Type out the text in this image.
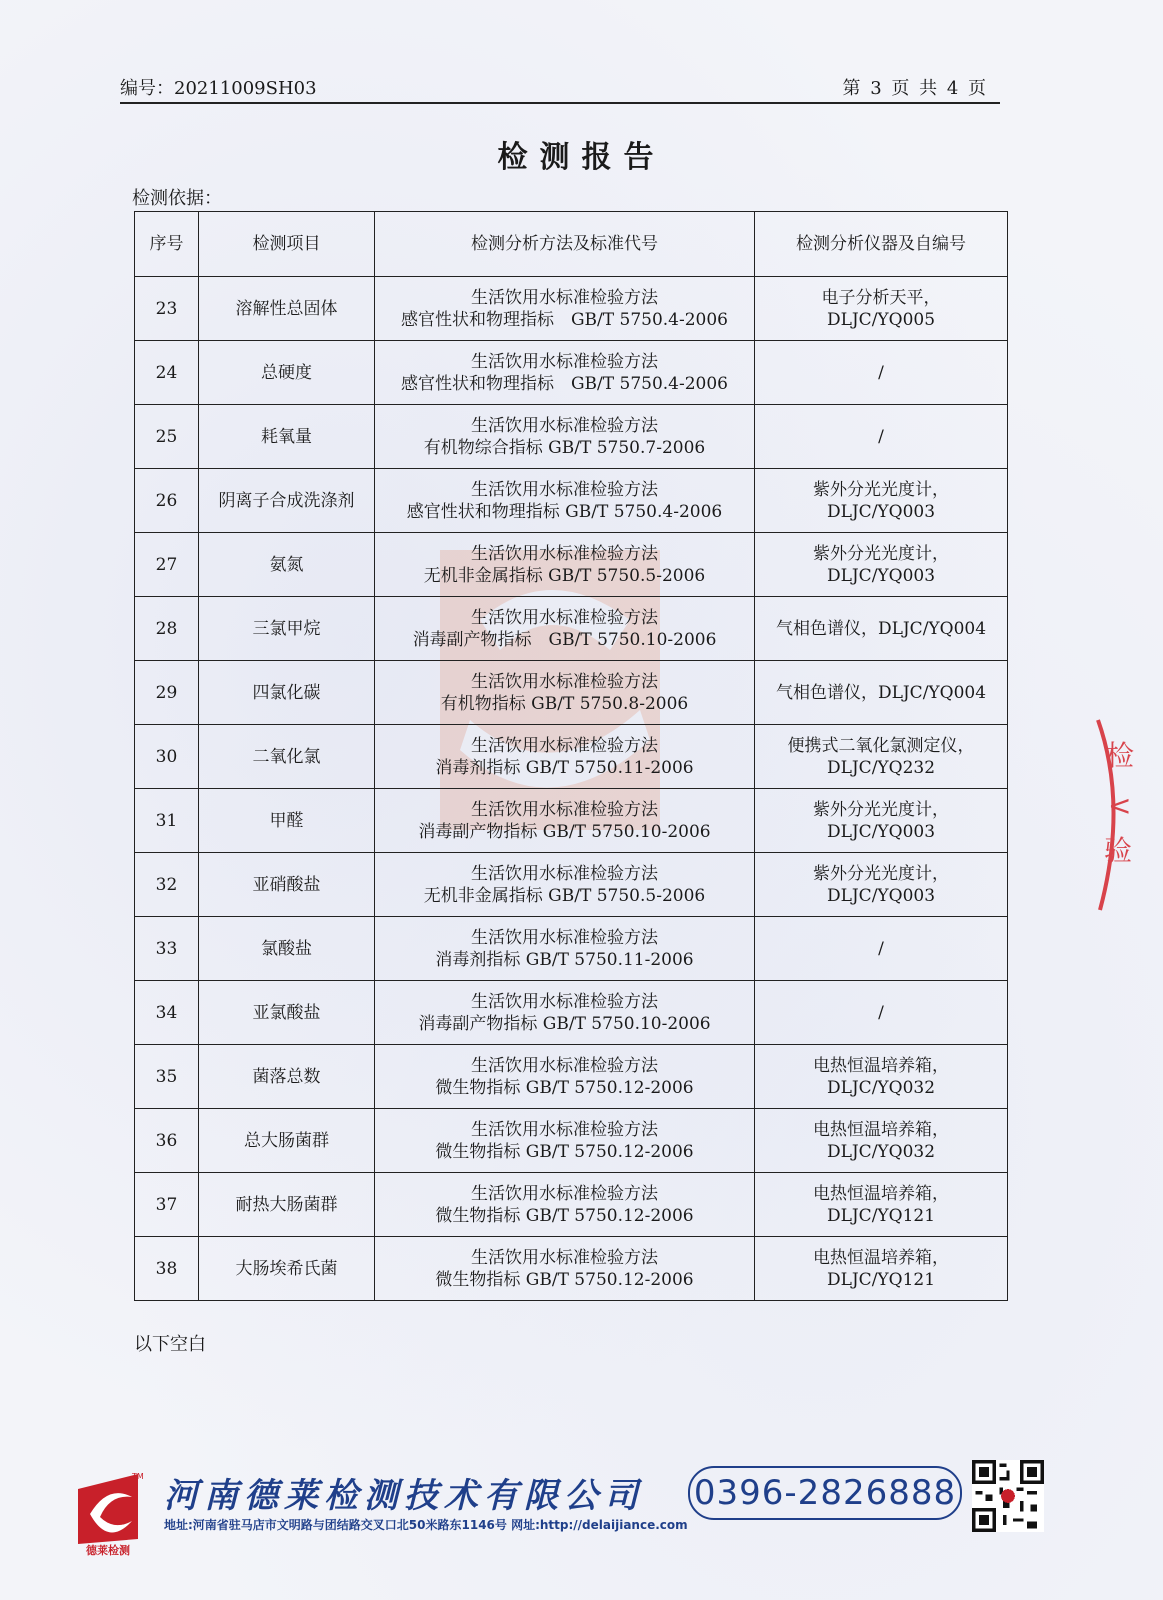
编号：20211009SH03	第 3 页 共 4 页
检测报告
检测依据：
序号	检测项目	检测分析方法及标准代号	检测分析仪器及自编号
23	溶解性总固体	生活饮用水标准检验方法
感官性状和物理指标　GB/T 5750.4-2006	电子分析天平，
DLJC/YQ005

24	总硬度	生活饮用水标准检验方法
感官性状和物理指标　GB/T 5750.4-2006	/

25	耗氧量	生活饮用水标准检验方法
有机物综合指标 GB/T 5750.7-2006	/

26	阴离子合成洗涤剂	生活饮用水标准检验方法
感官性状和物理指标 GB/T 5750.4-2006	紫外分光光度计，
DLJC/YQ003

27	氨氮	生活饮用水标准检验方法
无机非金属指标 GB/T 5750.5-2006	紫外分光光度计，
DLJC/YQ003

28	三氯甲烷	生活饮用水标准检验方法
消毒副产物指标　GB/T 5750.10-2006	气相色谱仪，DLJC/YQ004

29	四氯化碳	生活饮用水标准检验方法
有机物指标 GB/T 5750.8-2006	气相色谱仪，DLJC/YQ004

30	二氧化氯	生活饮用水标准检验方法
消毒剂指标 GB/T 5750.11-2006	便携式二氧化氯测定仪，
DLJC/YQ232

31	甲醛	生活饮用水标准检验方法
消毒副产物指标 GB/T 5750.10-2006	紫外分光光度计，
DLJC/YQ003

32	亚硝酸盐	生活饮用水标准检验方法
无机非金属指标 GB/T 5750.5-2006	紫外分光光度计，
DLJC/YQ003

33	氯酸盐	生活饮用水标准检验方法
消毒剂指标 GB/T 5750.11-2006	/

34	亚氯酸盐	生活饮用水标准检验方法
消毒副产物指标 GB/T 5750.10-2006	/

35	菌落总数	生活饮用水标准检验方法
微生物指标 GB/T 5750.12-2006	电热恒温培养箱，
DLJC/YQ032

36	总大肠菌群	生活饮用水标准检验方法
微生物指标 GB/T 5750.12-2006	电热恒温培养箱，
DLJC/YQ032

37	耐热大肠菌群	生活饮用水标准检验方法
微生物指标 GB/T 5750.12-2006	电热恒温培养箱，
DLJC/YQ121

38	大肠埃希氏菌	生活饮用水标准检验方法
微生物指标 GB/T 5750.12-2006	电热恒温培养箱，
DLJC/YQ121
以下空白
检
<
验
TM
德莱检测
河南德莱检测技术有限公司
地址:河南省驻马店市文明路与团结路交叉口北50米路东1146号 网址:http://delaijiance.com
0396-2826888
